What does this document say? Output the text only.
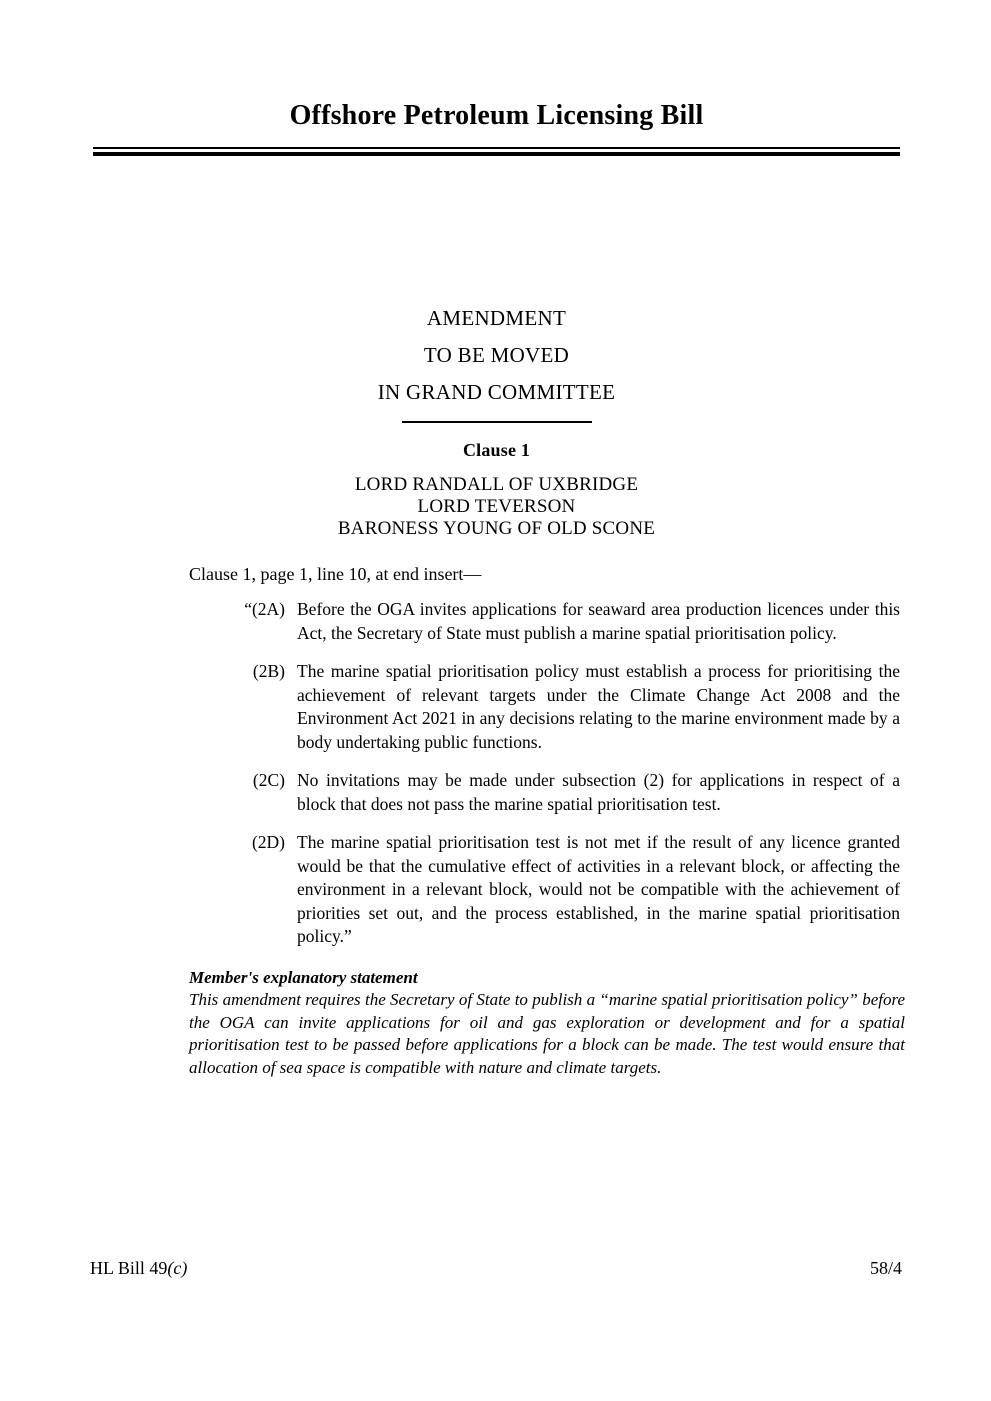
Offshore Petroleum Licensing Bill
AMENDMENT
TO BE MOVED
IN GRAND COMMITTEE
Clause 1
LORD RANDALL OF UXBRIDGE
LORD TEVERSON
BARONESS YOUNG OF OLD SCONE
Clause 1, page 1, line 10, at end insert—
“(2A) Before the OGA invites applications for seaward area production licences under this Act, the Secretary of State must publish a marine spatial prioritisation policy.
(2B) The marine spatial prioritisation policy must establish a process for prioritising the achievement of relevant targets under the Climate Change Act 2008 and the Environment Act 2021 in any decisions relating to the marine environment made by a body undertaking public functions.
(2C) No invitations may be made under subsection (2) for applications in respect of a block that does not pass the marine spatial prioritisation test.
(2D) The marine spatial prioritisation test is not met if the result of any licence granted would be that the cumulative effect of activities in a relevant block, or affecting the environment in a relevant block, would not be compatible with the achievement of priorities set out, and the process established, in the marine spatial prioritisation policy.”
Member's explanatory statement
This amendment requires the Secretary of State to publish a “marine spatial prioritisation policy” before the OGA can invite applications for oil and gas exploration or development and for a spatial prioritisation test to be passed before applications for a block can be made. The test would ensure that allocation of sea space is compatible with nature and climate targets.
HL Bill 49(c)	58/4
